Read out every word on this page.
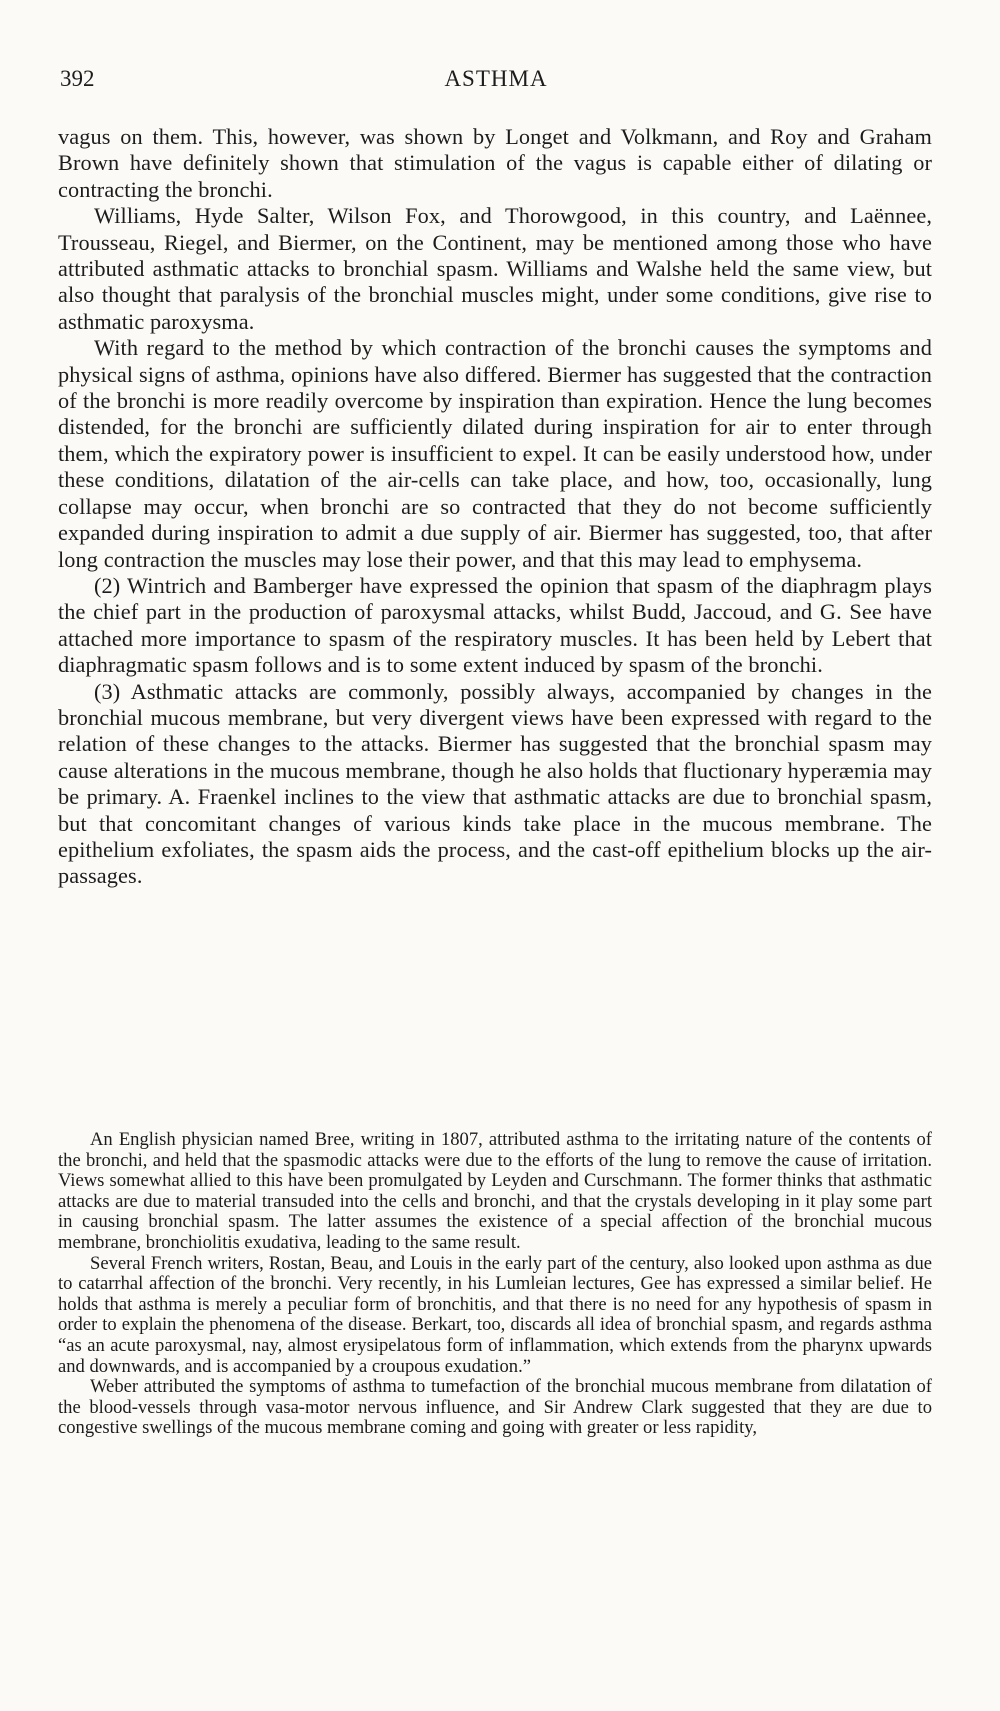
392	ASTHMA

vagus on them. This, however, was shown by Longet and Volkmann, and Roy and Graham Brown have definitely shown that stimulation of the vagus is capable either of dilating or contracting the bronchi.

Williams, Hyde Salter, Wilson Fox, and Thorowgood, in this country, and Laënnee, Trousseau, Riegel, and Biermer, on the Continent, may be mentioned among those who have attributed asthmatic attacks to bronchial spasm. Williams and Walshe held the same view, but also thought that paralysis of the bronchial muscles might, under some conditions, give rise to asthmatic paroxysma.

With regard to the method by which contraction of the bronchi causes the symptoms and physical signs of asthma, opinions have also differed. Biermer has suggested that the contraction of the bronchi is more readily overcome by inspiration than expiration. Hence the lung becomes distended, for the bronchi are sufficiently dilated during inspiration for air to enter through them, which the expiratory power is insufficient to expel. It can be easily understood how, under these conditions, dilatation of the air-cells can take place, and how, too, occasionally, lung collapse may occur, when bronchi are so contracted that they do not become sufficiently expanded during inspiration to admit a due supply of air. Biermer has suggested, too, that after long contraction the muscles may lose their power, and that this may lead to emphysema.

(2) Wintrich and Bamberger have expressed the opinion that spasm of the diaphragm plays the chief part in the production of paroxysmal attacks, whilst Budd, Jaccoud, and G. See have attached more importance to spasm of the respiratory muscles. It has been held by Lebert that diaphragmatic spasm follows and is to some extent induced by spasm of the bronchi.

(3) Asthmatic attacks are commonly, possibly always, accompanied by changes in the bronchial mucous membrane, but very divergent views have been expressed with regard to the relation of these changes to the attacks. Biermer has suggested that the bronchial spasm may cause alterations in the mucous membrane, though he also holds that fluctionary hyperæmia may be primary. A. Fraenkel inclines to the view that asthmatic attacks are due to bronchial spasm, but that concomitant changes of various kinds take place in the mucous membrane. The epithelium exfoliates, the spasm aids the process, and the cast-off epithelium blocks up the air-passages.

An English physician named Bree, writing in 1807, attributed asthma to the irritating nature of the contents of the bronchi, and held that the spasmodic attacks were due to the efforts of the lung to remove the cause of irritation. Views somewhat allied to this have been promulgated by Leyden and Curschmann. The former thinks that asthmatic attacks are due to material transuded into the cells and bronchi, and that the crystals developing in it play some part in causing bronchial spasm. The latter assumes the existence of a special affection of the bronchial mucous membrane, bronchiolitis exudativa, leading to the same result.

Several French writers, Rostan, Beau, and Louis in the early part of the century, also looked upon asthma as due to catarrhal affection of the bronchi. Very recently, in his Lumleian lectures, Gee has expressed a similar belief. He holds that asthma is merely a peculiar form of bronchitis, and that there is no need for any hypothesis of spasm in order to explain the phenomena of the disease. Berkart, too, discards all idea of bronchial spasm, and regards asthma “as an acute paroxysmal, nay, almost erysipelatous form of inflammation, which extends from the pharynx upwards and downwards, and is accompanied by a croupous exudation.”

Weber attributed the symptoms of asthma to tumefaction of the bronchial mucous membrane from dilatation of the blood-vessels through vasa-motor nervous influence, and Sir Andrew Clark suggested that they are due to congestive swellings of the mucous membrane coming and going with greater or less rapidity,
